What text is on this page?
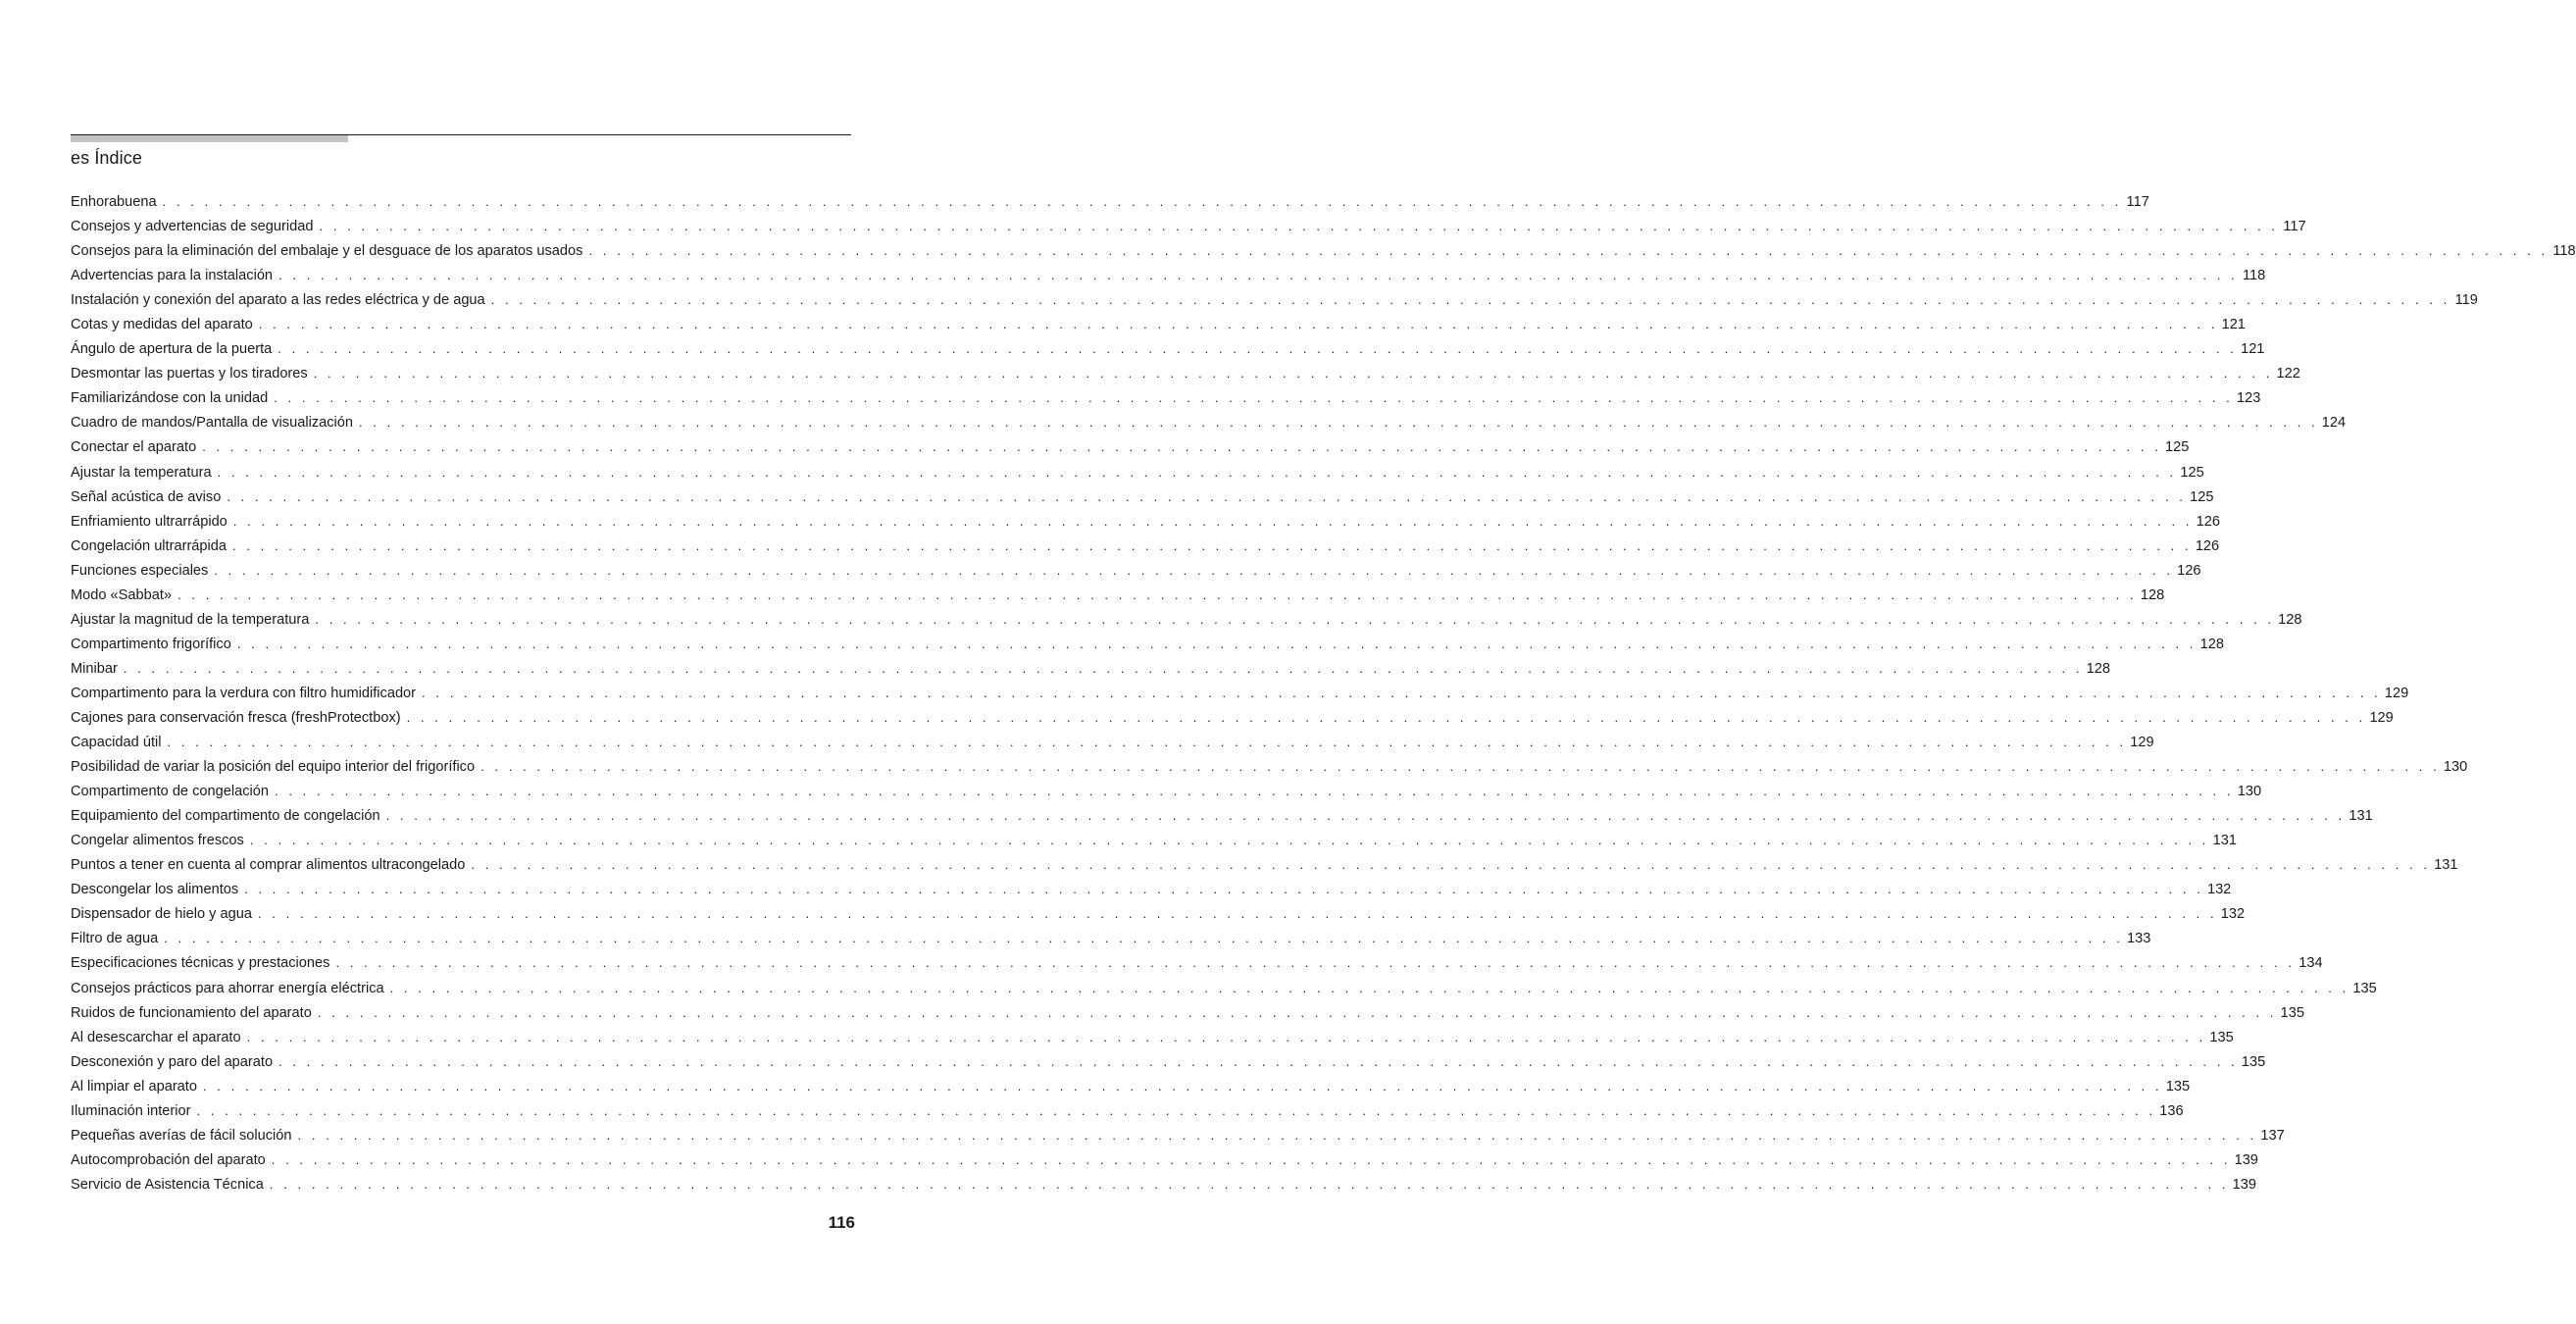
es Índice
Enhorabuena . . . . . . . . . . . . . . . . . . . . . . . . . . . . . . . . . . . . . . . . . . . . . . . . . . . . . . . . . . . . . . . . . . . . . . . . . . . . . . . . . . . . . . . . . . . . . . . . . . . . . . . . . . . . . . . . . . . . . . . . . . . . . . . . . . . . . . . . . . . . 117
Consejos y advertencias de seguridad . . . . . . . . . . . . . . . . . . . . . . . . . . . . . . . . . . . . . . . . . . . . . . . . . . . . . . . . . . . . . . . . . . . . . . . . . . . . . . . . . . . . . . . . . . . . . . . . . . . . . . . . . . . . . . . . . . . . . . . . . . . . . . . . . . . . . . . . . . . . 117
Consejos para la eliminación del embalaje y el desguace de los aparatos usados . . . . . . . . . . . . . . . . . . . . . . . . . . . . . . . . . . . . . . . . . . . . . . . . . . . . . . . . . . . . . . . . . . . . . . . . . . . . . . . . . . . . . . . . . . . . . . . . . . . . . . . . . . . . . . . . . . . . . . . . . . . . . . . . . . . . . . . . . . . . 118
Advertencias para la instalación . . . . . . . . . . . . . . . . . . . . . . . . . . . . . . . . . . . . . . . . . . . . . . . . . . . . . . . . . . . . . . . . . . . . . . . . . . . . . . . . . . . . . . . . . . . . . . . . . . . . . . . . . . . . . . . . . . . . . . . . . . . . . . . . . . . . . . . . . . . . 118
Instalación y conexión del aparato a las redes eléctrica y de agua . . . . . . . . . . . . . . . . . . . . . . . . . . . . . . . . . . . . . . . . . . . . . . . . . . . . . . . . . . . . . . . . . . . . . . . . . . . . . . . . . . . . . . . . . . . . . . . . . . . . . . . . . . . . . . . . . . . . . . . . . . . . . . . . . . . . . . . . . . . . 119
Cotas y medidas del aparato . . . . . . . . . . . . . . . . . . . . . . . . . . . . . . . . . . . . . . . . . . . . . . . . . . . . . . . . . . . . . . . . . . . . . . . . . . . . . . . . . . . . . . . . . . . . . . . . . . . . . . . . . . . . . . . . . . . . . . . . . . . . . . . . . . . . . . . . . . . . 121
Ángulo de apertura de la puerta . . . . . . . . . . . . . . . . . . . . . . . . . . . . . . . . . . . . . . . . . . . . . . . . . . . . . . . . . . . . . . . . . . . . . . . . . . . . . . . . . . . . . . . . . . . . . . . . . . . . . . . . . . . . . . . . . . . . . . . . . . . . . . . . . . . . . . . . . . . . 121
Desmontar las puertas y los tiradores . . . . . . . . . . . . . . . . . . . . . . . . . . . . . . . . . . . . . . . . . . . . . . . . . . . . . . . . . . . . . . . . . . . . . . . . . . . . . . . . . . . . . . . . . . . . . . . . . . . . . . . . . . . . . . . . . . . . . . . . . . . . . . . . . . . . . . . . . . . . 122
Familiarizándose con la unidad . . . . . . . . . . . . . . . . . . . . . . . . . . . . . . . . . . . . . . . . . . . . . . . . . . . . . . . . . . . . . . . . . . . . . . . . . . . . . . . . . . . . . . . . . . . . . . . . . . . . . . . . . . . . . . . . . . . . . . . . . . . . . . . . . . . . . . . . . . . . 123
Cuadro de mandos/Pantalla de visualización . . . . . . . . . . . . . . . . . . . . . . . . . . . . . . . . . . . . . . . . . . . . . . . . . . . . . . . . . . . . . . . . . . . . . . . . . . . . . . . . . . . . . . . . . . . . . . . . . . . . . . . . . . . . . . . . . . . . . . . . . . . . . . . . . . . . . . . . . . . . 124
Conectar el aparato . . . . . . . . . . . . . . . . . . . . . . . . . . . . . . . . . . . . . . . . . . . . . . . . . . . . . . . . . . . . . . . . . . . . . . . . . . . . . . . . . . . . . . . . . . . . . . . . . . . . . . . . . . . . . . . . . . . . . . . . . . . . . . . . . . . . . . . . . . . . 125
Ajustar la temperatura . . . . . . . . . . . . . . . . . . . . . . . . . . . . . . . . . . . . . . . . . . . . . . . . . . . . . . . . . . . . . . . . . . . . . . . . . . . . . . . . . . . . . . . . . . . . . . . . . . . . . . . . . . . . . . . . . . . . . . . . . . . . . . . . . . . . . . . . . . . . 125
Señal acústica de aviso . . . . . . . . . . . . . . . . . . . . . . . . . . . . . . . . . . . . . . . . . . . . . . . . . . . . . . . . . . . . . . . . . . . . . . . . . . . . . . . . . . . . . . . . . . . . . . . . . . . . . . . . . . . . . . . . . . . . . . . . . . . . . . . . . . . . . . . . . . . . 125
Enfriamiento ultrarrápido . . . . . . . . . . . . . . . . . . . . . . . . . . . . . . . . . . . . . . . . . . . . . . . . . . . . . . . . . . . . . . . . . . . . . . . . . . . . . . . . . . . . . . . . . . . . . . . . . . . . . . . . . . . . . . . . . . . . . . . . . . . . . . . . . . . . . . . . . . . . 126
Congelación ultrarrápida . . . . . . . . . . . . . . . . . . . . . . . . . . . . . . . . . . . . . . . . . . . . . . . . . . . . . . . . . . . . . . . . . . . . . . . . . . . . . . . . . . . . . . . . . . . . . . . . . . . . . . . . . . . . . . . . . . . . . . . . . . . . . . . . . . . . . . . . . . . . 126
Funciones especiales . . . . . . . . . . . . . . . . . . . . . . . . . . . . . . . . . . . . . . . . . . . . . . . . . . . . . . . . . . . . . . . . . . . . . . . . . . . . . . . . . . . . . . . . . . . . . . . . . . . . . . . . . . . . . . . . . . . . . . . . . . . . . . . . . . . . . . . . . . . . 126
Modo «Sabbat» . . . . . . . . . . . . . . . . . . . . . . . . . . . . . . . . . . . . . . . . . . . . . . . . . . . . . . . . . . . . . . . . . . . . . . . . . . . . . . . . . . . . . . . . . . . . . . . . . . . . . . . . . . . . . . . . . . . . . . . . . . . . . . . . . . . . . . . . . . . . 128
Ajustar la magnitud de la temperatura . . . . . . . . . . . . . . . . . . . . . . . . . . . . . . . . . . . . . . . . . . . . . . . . . . . . . . . . . . . . . . . . . . . . . . . . . . . . . . . . . . . . . . . . . . . . . . . . . . . . . . . . . . . . . . . . . . . . . . . . . . . . . . . . . . . . . . . . . . . . 128
Compartimento frigorífico . . . . . . . . . . . . . . . . . . . . . . . . . . . . . . . . . . . . . . . . . . . . . . . . . . . . . . . . . . . . . . . . . . . . . . . . . . . . . . . . . . . . . . . . . . . . . . . . . . . . . . . . . . . . . . . . . . . . . . . . . . . . . . . . . . . . . . . . . . . . 128
Minibar . . . . . . . . . . . . . . . . . . . . . . . . . . . . . . . . . . . . . . . . . . . . . . . . . . . . . . . . . . . . . . . . . . . . . . . . . . . . . . . . . . . . . . . . . . . . . . . . . . . . . . . . . . . . . . . . . . . . . . . . . . . . . . . . . . . . . . . . . . . . 128
Compartimento para la verdura con filtro humidificador . . . . . . . . . . . . . . . . . . . . . . . . . . . . . . . . . . . . . . . . . . . . . . . . . . . . . . . . . . . . . . . . . . . . . . . . . . . . . . . . . . . . . . . . . . . . . . . . . . . . . . . . . . . . . . . . . . . . . . . . . . . . . . . . . . . . . . . . . . . . 129
Cajones para conservación fresca (freshProtectbox) . . . . . . . . . . . . . . . . . . . . . . . . . . . . . . . . . . . . . . . . . . . . . . . . . . . . . . . . . . . . . . . . . . . . . . . . . . . . . . . . . . . . . . . . . . . . . . . . . . . . . . . . . . . . . . . . . . . . . . . . . . . . . . . . . . . . . . . . . . . . 129
Capacidad útil . . . . . . . . . . . . . . . . . . . . . . . . . . . . . . . . . . . . . . . . . . . . . . . . . . . . . . . . . . . . . . . . . . . . . . . . . . . . . . . . . . . . . . . . . . . . . . . . . . . . . . . . . . . . . . . . . . . . . . . . . . . . . . . . . . . . . . . . . . . . 129
Posibilidad de variar la posición del equipo interior del frigorífico . . . . . . . . . . . . . . . . . . . . . . . . . . . . . . . . . . . . . . . . . . . . . . . . . . . . . . . . . . . . . . . . . . . . . . . . . . . . . . . . . . . . . . . . . . . . . . . . . . . . . . . . . . . . . . . . . . . . . . . . . . . . . . . . . . . . . . . . . . . . 130
Compartimento de congelación . . . . . . . . . . . . . . . . . . . . . . . . . . . . . . . . . . . . . . . . . . . . . . . . . . . . . . . . . . . . . . . . . . . . . . . . . . . . . . . . . . . . . . . . . . . . . . . . . . . . . . . . . . . . . . . . . . . . . . . . . . . . . . . . . . . . . . . . . . . . 130
Equipamiento del compartimento de congelación . . . . . . . . . . . . . . . . . . . . . . . . . . . . . . . . . . . . . . . . . . . . . . . . . . . . . . . . . . . . . . . . . . . . . . . . . . . . . . . . . . . . . . . . . . . . . . . . . . . . . . . . . . . . . . . . . . . . . . . . . . . . . . . . . . . . . . . . . . . . 131
Congelar alimentos frescos . . . . . . . . . . . . . . . . . . . . . . . . . . . . . . . . . . . . . . . . . . . . . . . . . . . . . . . . . . . . . . . . . . . . . . . . . . . . . . . . . . . . . . . . . . . . . . . . . . . . . . . . . . . . . . . . . . . . . . . . . . . . . . . . . . . . . . . . . . . . 131
Puntos a tener en cuenta al comprar alimentos ultracongelado . . . . . . . . . . . . . . . . . . . . . . . . . . . . . . . . . . . . . . . . . . . . . . . . . . . . . . . . . . . . . . . . . . . . . . . . . . . . . . . . . . . . . . . . . . . . . . . . . . . . . . . . . . . . . . . . . . . . . . . . . . . . . . . . . . . . . . . . . . . . 131
Descongelar los alimentos . . . . . . . . . . . . . . . . . . . . . . . . . . . . . . . . . . . . . . . . . . . . . . . . . . . . . . . . . . . . . . . . . . . . . . . . . . . . . . . . . . . . . . . . . . . . . . . . . . . . . . . . . . . . . . . . . . . . . . . . . . . . . . . . . . . . . . . . . . . . 132
Dispensador de hielo y agua . . . . . . . . . . . . . . . . . . . . . . . . . . . . . . . . . . . . . . . . . . . . . . . . . . . . . . . . . . . . . . . . . . . . . . . . . . . . . . . . . . . . . . . . . . . . . . . . . . . . . . . . . . . . . . . . . . . . . . . . . . . . . . . . . . . . . . . . . . . . 132
Filtro de agua . . . . . . . . . . . . . . . . . . . . . . . . . . . . . . . . . . . . . . . . . . . . . . . . . . . . . . . . . . . . . . . . . . . . . . . . . . . . . . . . . . . . . . . . . . . . . . . . . . . . . . . . . . . . . . . . . . . . . . . . . . . . . . . . . . . . . . . . . . . . 133
Especificaciones técnicas y prestaciones . . . . . . . . . . . . . . . . . . . . . . . . . . . . . . . . . . . . . . . . . . . . . . . . . . . . . . . . . . . . . . . . . . . . . . . . . . . . . . . . . . . . . . . . . . . . . . . . . . . . . . . . . . . . . . . . . . . . . . . . . . . . . . . . . . . . . . . . . . . . 134
Consejos prácticos para ahorrar energía eléctrica . . . . . . . . . . . . . . . . . . . . . . . . . . . . . . . . . . . . . . . . . . . . . . . . . . . . . . . . . . . . . . . . . . . . . . . . . . . . . . . . . . . . . . . . . . . . . . . . . . . . . . . . . . . . . . . . . . . . . . . . . . . . . . . . . . . . . . . . . . . . 135
Ruidos de funcionamiento del aparato . . . . . . . . . . . . . . . . . . . . . . . . . . . . . . . . . . . . . . . . . . . . . . . . . . . . . . . . . . . . . . . . . . . . . . . . . . . . . . . . . . . . . . . . . . . . . . . . . . . . . . . . . . . . . . . . . . . . . . . . . . . . . . . . . . . . . . . . . . . . 135
Al desescarchar el aparato . . . . . . . . . . . . . . . . . . . . . . . . . . . . . . . . . . . . . . . . . . . . . . . . . . . . . . . . . . . . . . . . . . . . . . . . . . . . . . . . . . . . . . . . . . . . . . . . . . . . . . . . . . . . . . . . . . . . . . . . . . . . . . . . . . . . . . . . . . . . 135
Desconexión y paro del aparato . . . . . . . . . . . . . . . . . . . . . . . . . . . . . . . . . . . . . . . . . . . . . . . . . . . . . . . . . . . . . . . . . . . . . . . . . . . . . . . . . . . . . . . . . . . . . . . . . . . . . . . . . . . . . . . . . . . . . . . . . . . . . . . . . . . . . . . . . . . . 135
Al limpiar el aparato . . . . . . . . . . . . . . . . . . . . . . . . . . . . . . . . . . . . . . . . . . . . . . . . . . . . . . . . . . . . . . . . . . . . . . . . . . . . . . . . . . . . . . . . . . . . . . . . . . . . . . . . . . . . . . . . . . . . . . . . . . . . . . . . . . . . . . . . . . . . 135
Iluminación interior . . . . . . . . . . . . . . . . . . . . . . . . . . . . . . . . . . . . . . . . . . . . . . . . . . . . . . . . . . . . . . . . . . . . . . . . . . . . . . . . . . . . . . . . . . . . . . . . . . . . . . . . . . . . . . . . . . . . . . . . . . . . . . . . . . . . . . . . . . . . 136
Pequeñas averías de fácil solución . . . . . . . . . . . . . . . . . . . . . . . . . . . . . . . . . . . . . . . . . . . . . . . . . . . . . . . . . . . . . . . . . . . . . . . . . . . . . . . . . . . . . . . . . . . . . . . . . . . . . . . . . . . . . . . . . . . . . . . . . . . . . . . . . . . . . . . . . . . . 137
Autocomprobación del aparato . . . . . . . . . . . . . . . . . . . . . . . . . . . . . . . . . . . . . . . . . . . . . . . . . . . . . . . . . . . . . . . . . . . . . . . . . . . . . . . . . . . . . . . . . . . . . . . . . . . . . . . . . . . . . . . . . . . . . . . . . . . . . . . . . . . . . . . . . . . . 139
Servicio de Asistencia Técnica . . . . . . . . . . . . . . . . . . . . . . . . . . . . . . . . . . . . . . . . . . . . . . . . . . . . . . . . . . . . . . . . . . . . . . . . . . . . . . . . . . . . . . . . . . . . . . . . . . . . . . . . . . . . . . . . . . . . . . . . . . . . . . . . . . . . . . . . . . . . 139
116
